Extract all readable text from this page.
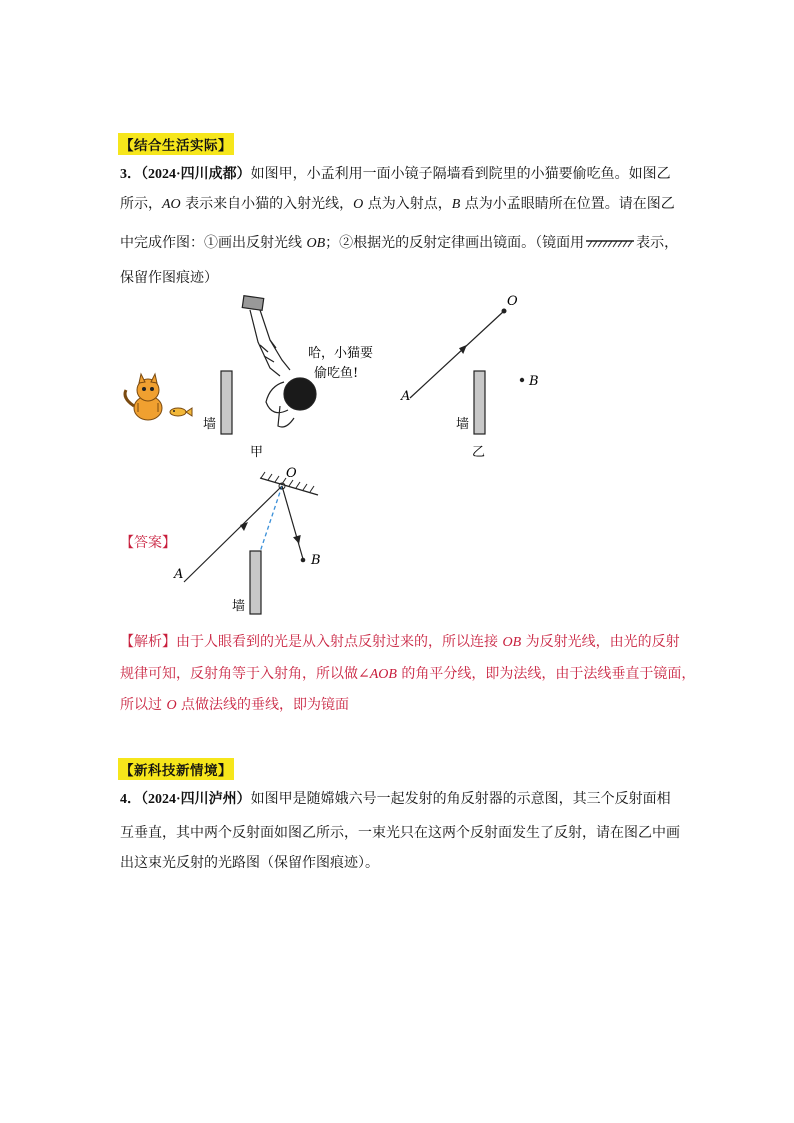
【结合生活实际】
3．（2024·四川成都）如图甲，小孟利用一面小镜子隔墙看到院里的小猫要偷吃鱼。如图乙
所示，AO 表示来自小猫的入射光线，O 点为入射点，B 点为小孟眼睛所在位置。请在图乙
中完成作图：①画出反射光线 OB；②根据光的反射定律画出镜面。（镜面用	表示，
保留作图痕迹）
墙
哈，小猫要
偷吃鱼!
甲
O
A
B
墙
乙
【答案】
O
A
B
墙
【解析】由于人眼看到的光是从入射点反射过来的，所以连接 OB 为反射光线，由光的反射
规律可知，反射角等于入射角，所以做∠AOB 的角平分线，即为法线，由于法线垂直于镜面，
所以过 O 点做法线的垂线，即为镜面
【新科技新情境】
4．（2024·四川泸州）如图甲是随嫦娥六号一起发射的角反射器的示意图，其三个反射面相
互垂直，其中两个反射面如图乙所示，一束光只在这两个反射面发生了反射，请在图乙中画
出这束光反射的光路图（保留作图痕迹）。
